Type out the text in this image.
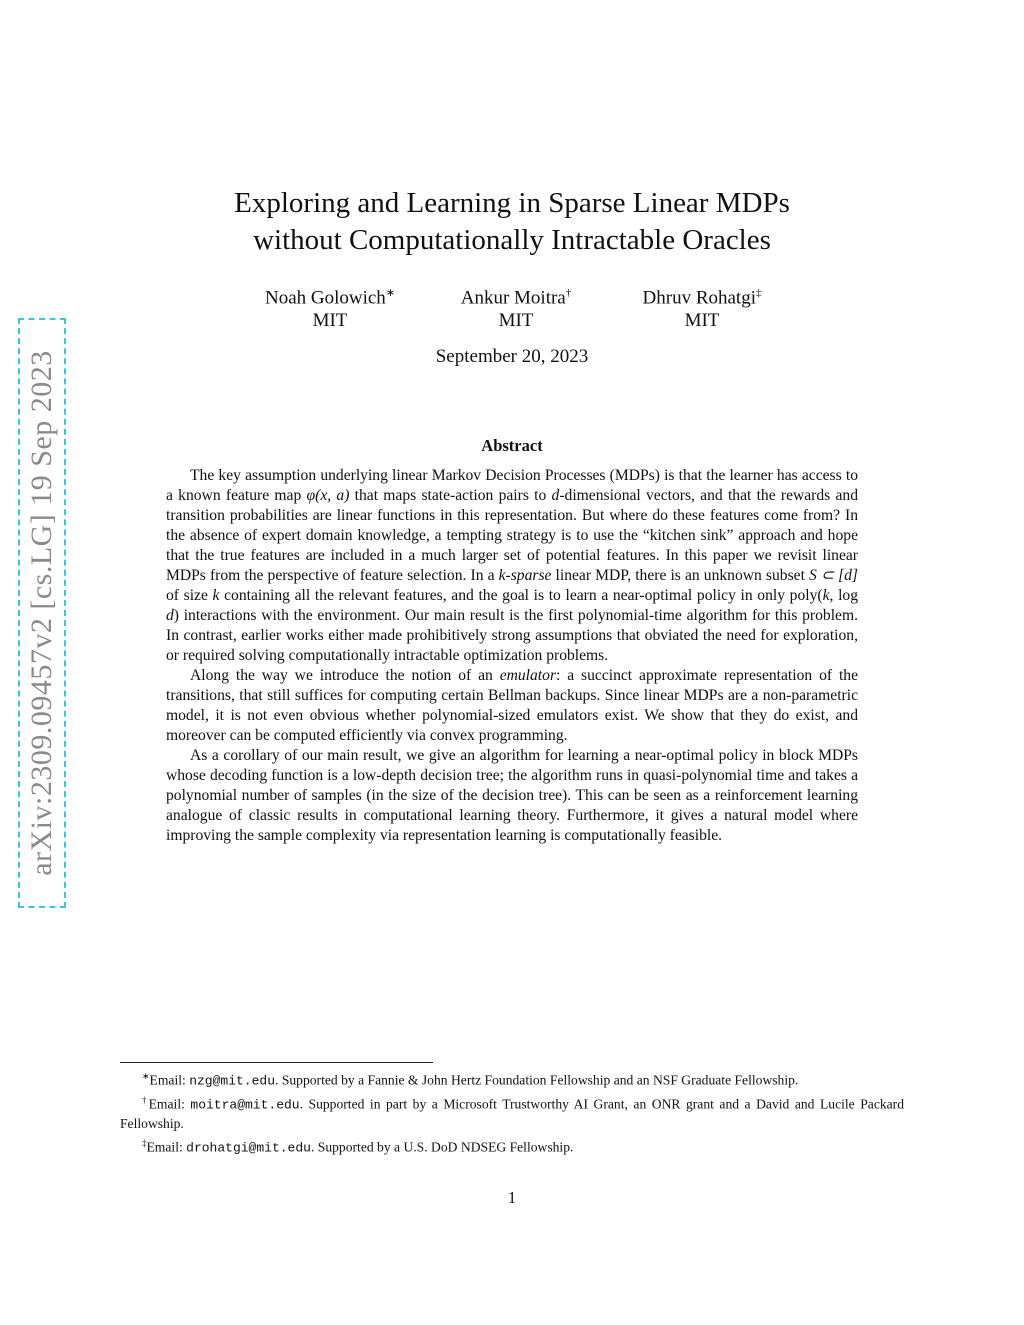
arXiv:2309.09457v2 [cs.LG] 19 Sep 2023
Exploring and Learning in Sparse Linear MDPs
without Computationally Intractable Oracles
Noah Golowich∗
MIT
Ankur Moitra†
MIT
Dhruv Rohatgi‡
MIT
September 20, 2023
Abstract

The key assumption underlying linear Markov Decision Processes (MDPs) is that the learner has access to a known feature map φ(x, a) that maps state-action pairs to d-dimensional vectors, and that the rewards and transition probabilities are linear functions in this representation. But where do these features come from? In the absence of expert domain knowledge, a tempting strategy is to use the “kitchen sink” approach and hope that the true features are included in a much larger set of potential features. In this paper we revisit linear MDPs from the perspective of feature selection. In a k-sparse linear MDP, there is an unknown subset S ⊂ [d] of size k containing all the relevant features, and the goal is to learn a near-optimal policy in only poly(k, log d) interactions with the environment. Our main result is the first polynomial-time algorithm for this problem. In contrast, earlier works either made prohibitively strong assumptions that obviated the need for exploration, or required solving computationally intractable optimization problems.

Along the way we introduce the notion of an emulator: a succinct approximate representation of the transitions, that still suffices for computing certain Bellman backups. Since linear MDPs are a non-parametric model, it is not even obvious whether polynomial-sized emulators exist. We show that they do exist, and moreover can be computed efficiently via convex programming.

As a corollary of our main result, we give an algorithm for learning a near-optimal policy in block MDPs whose decoding function is a low-depth decision tree; the algorithm runs in quasi-polynomial time and takes a polynomial number of samples (in the size of the decision tree). This can be seen as a reinforcement learning analogue of classic results in computational learning theory. Furthermore, it gives a natural model where improving the sample complexity via representation learning is computationally feasible.

∗Email: nzg@mit.edu. Supported by a Fannie & John Hertz Foundation Fellowship and an NSF Graduate Fellowship.

†Email: moitra@mit.edu. Supported in part by a Microsoft Trustworthy AI Grant, an ONR grant and a David and Lucile Packard Fellowship.

‡Email: drohatgi@mit.edu. Supported by a U.S. DoD NDSEG Fellowship.

1
